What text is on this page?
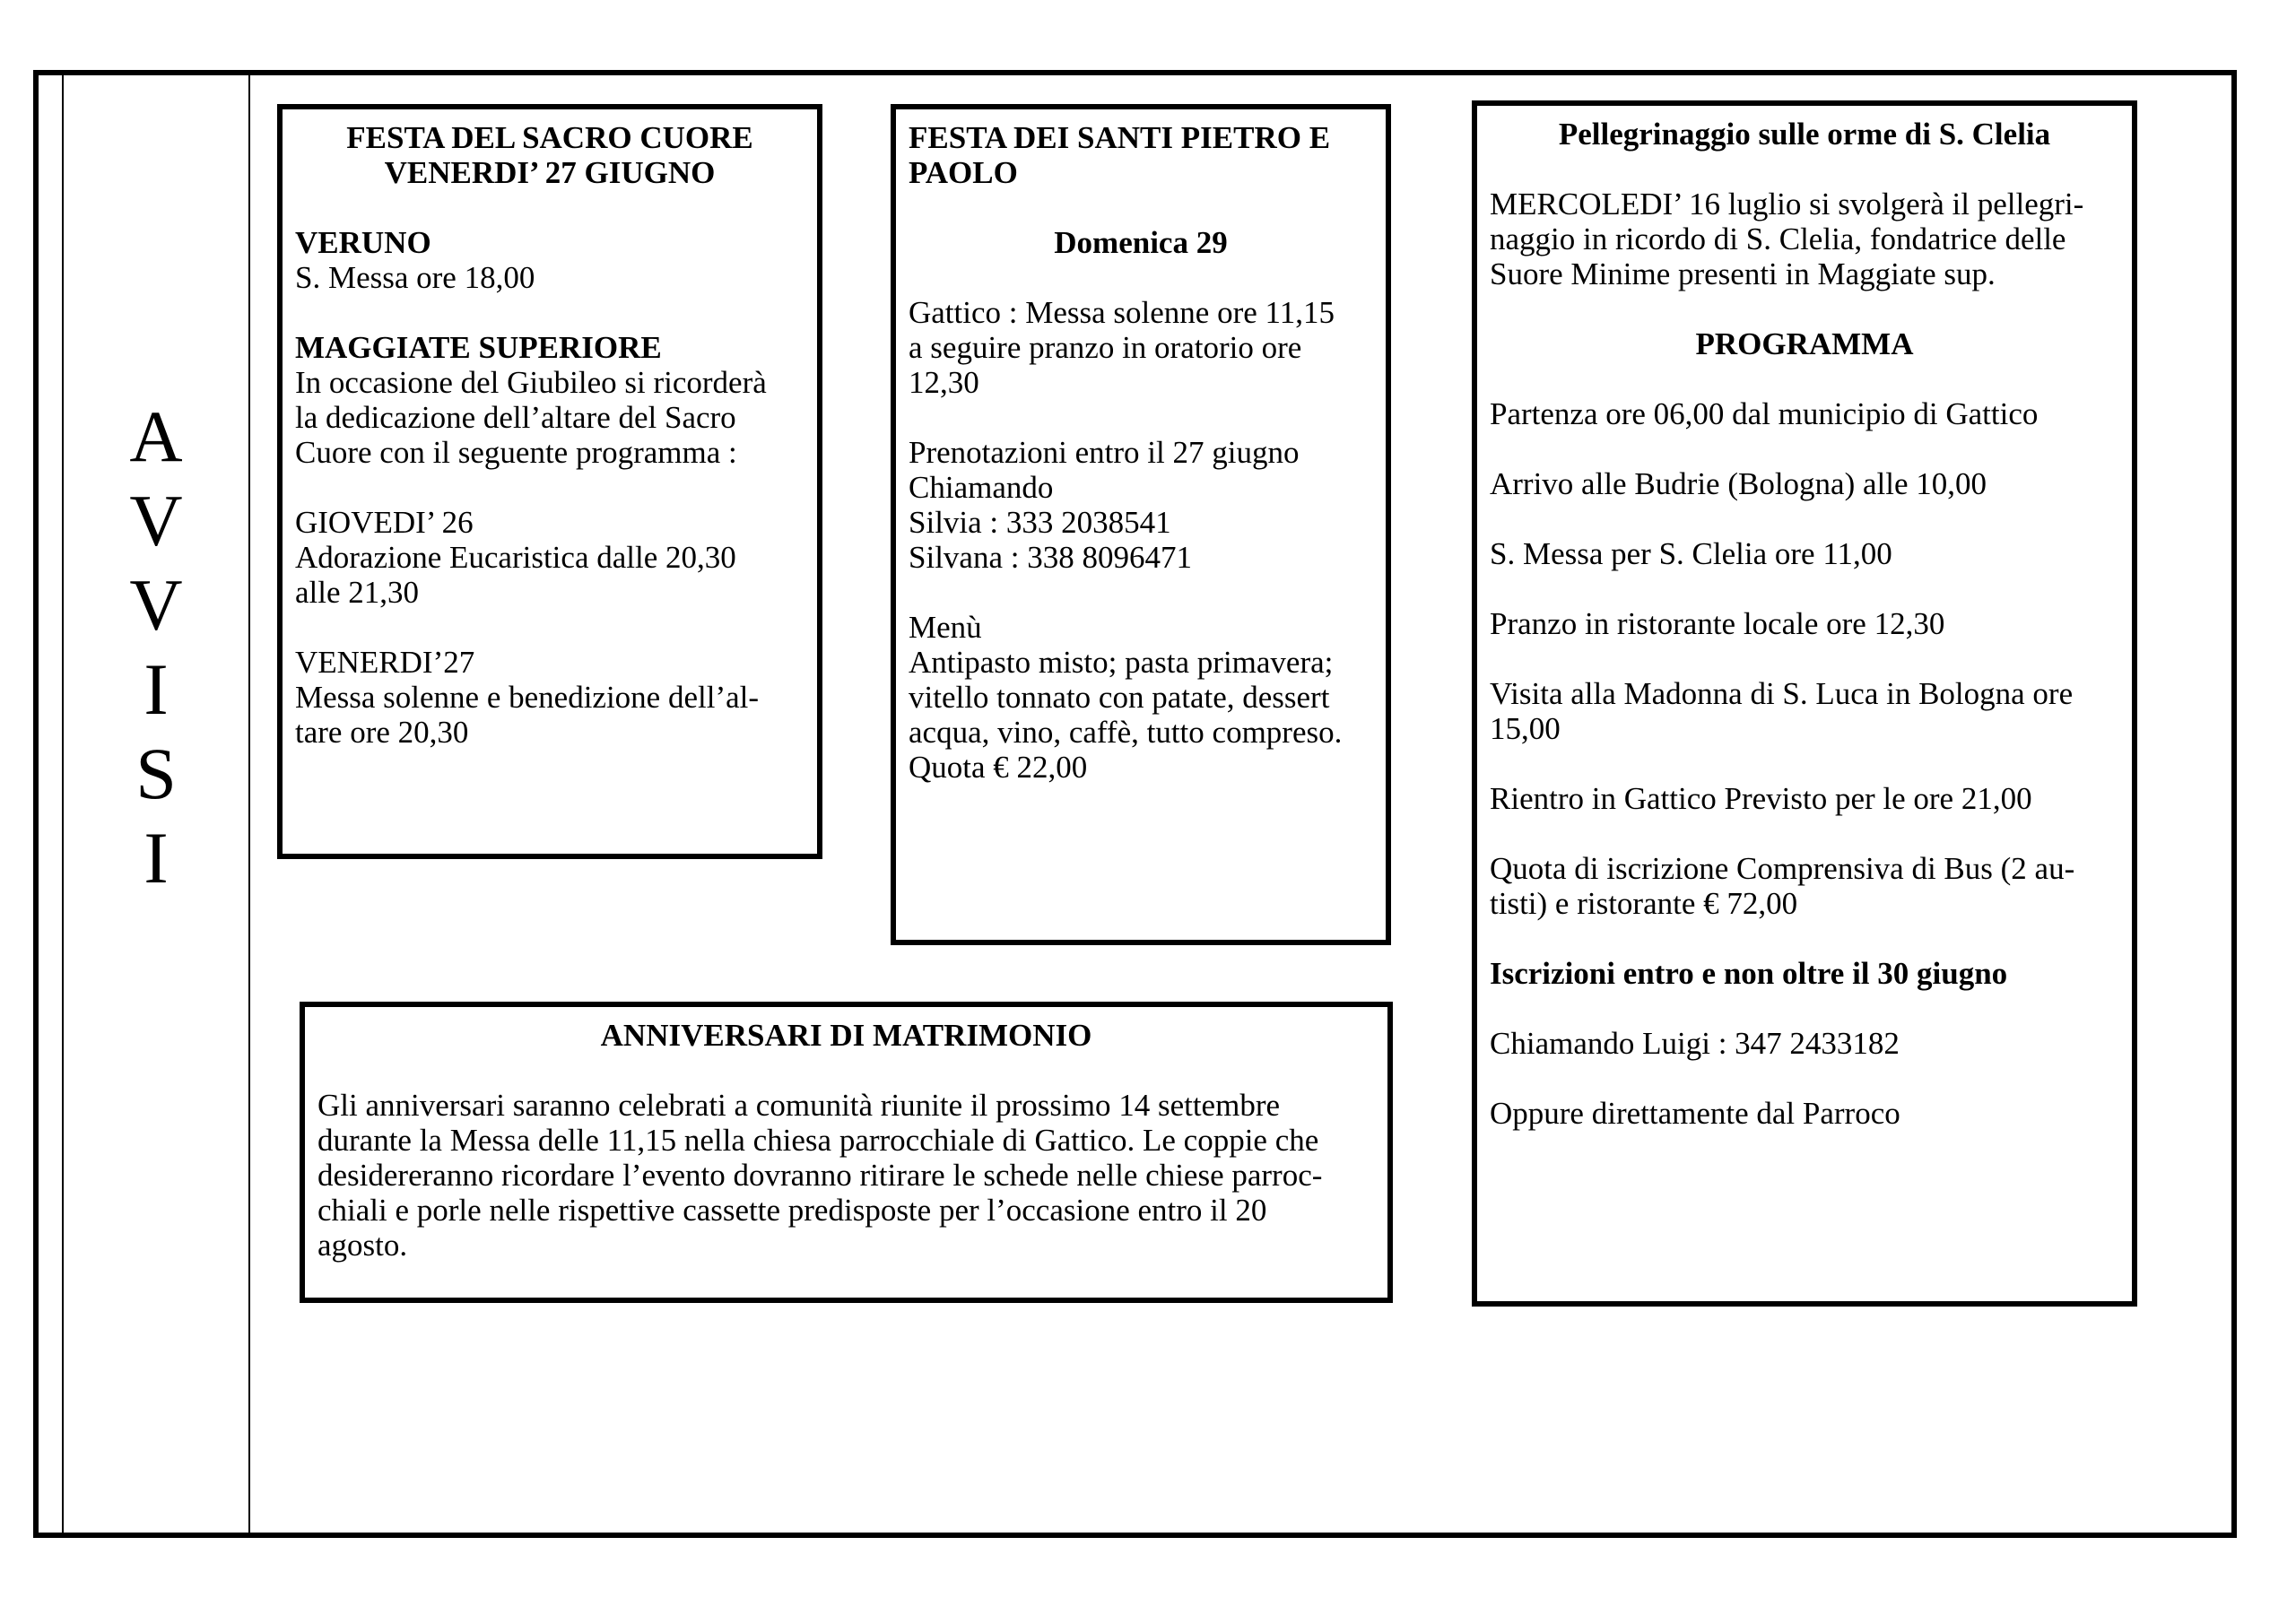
A
V
V
I
S
I

FESTA DEL SACRO CUORE

VENERDI’ 27 GIUGNO

VERUNO

S. Messa ore 18,00

MAGGIATE SUPERIORE

In occasione del Giubileo si ricorderà

la dedicazione dell’altare del Sacro

Cuore con il seguente programma :

GIOVEDI’ 26

Adorazione Eucaristica dalle 20,30

alle 21,30

VENERDI’27

Messa solenne e benedizione dell’al-

tare ore 20,30

FESTA DEI SANTI PIETRO E

PAOLO

Domenica 29

Gattico : Messa solenne ore 11,15

a seguire pranzo in oratorio ore

12,30

Prenotazioni entro il 27 giugno

Chiamando

Silvia : 333 2038541

Silvana : 338 8096471

Menù

Antipasto misto; pasta primavera;

vitello tonnato con patate, dessert

acqua, vino, caffè, tutto compreso.

Quota € 22,00

Pellegrinaggio sulle orme di S. Clelia

MERCOLEDI’ 16 luglio si svolgerà il pellegri-

naggio in ricordo di S. Clelia, fondatrice delle

Suore Minime presenti in Maggiate sup.

PROGRAMMA

Partenza ore 06,00 dal municipio di Gattico

Arrivo alle Budrie (Bologna) alle 10,00

S. Messa per S. Clelia ore 11,00

Pranzo in ristorante locale ore 12,30

Visita alla Madonna di S. Luca in Bologna ore

15,00

Rientro in Gattico Previsto per le ore 21,00

Quota di iscrizione Comprensiva di Bus (2 au-

tisti) e ristorante € 72,00

Iscrizioni entro e non oltre il 30 giugno

Chiamando Luigi : 347 2433182

Oppure direttamente dal Parroco

ANNIVERSARI DI MATRIMONIO

Gli anniversari saranno celebrati a comunità riunite il prossimo 14 settembre

durante la Messa delle 11,15 nella chiesa parrocchiale di Gattico. Le coppie che

desidereranno ricordare l’evento dovranno ritirare le schede nelle chiese parroc-

chiali e porle nelle rispettive cassette predisposte per l’occasione entro il 20

agosto.
